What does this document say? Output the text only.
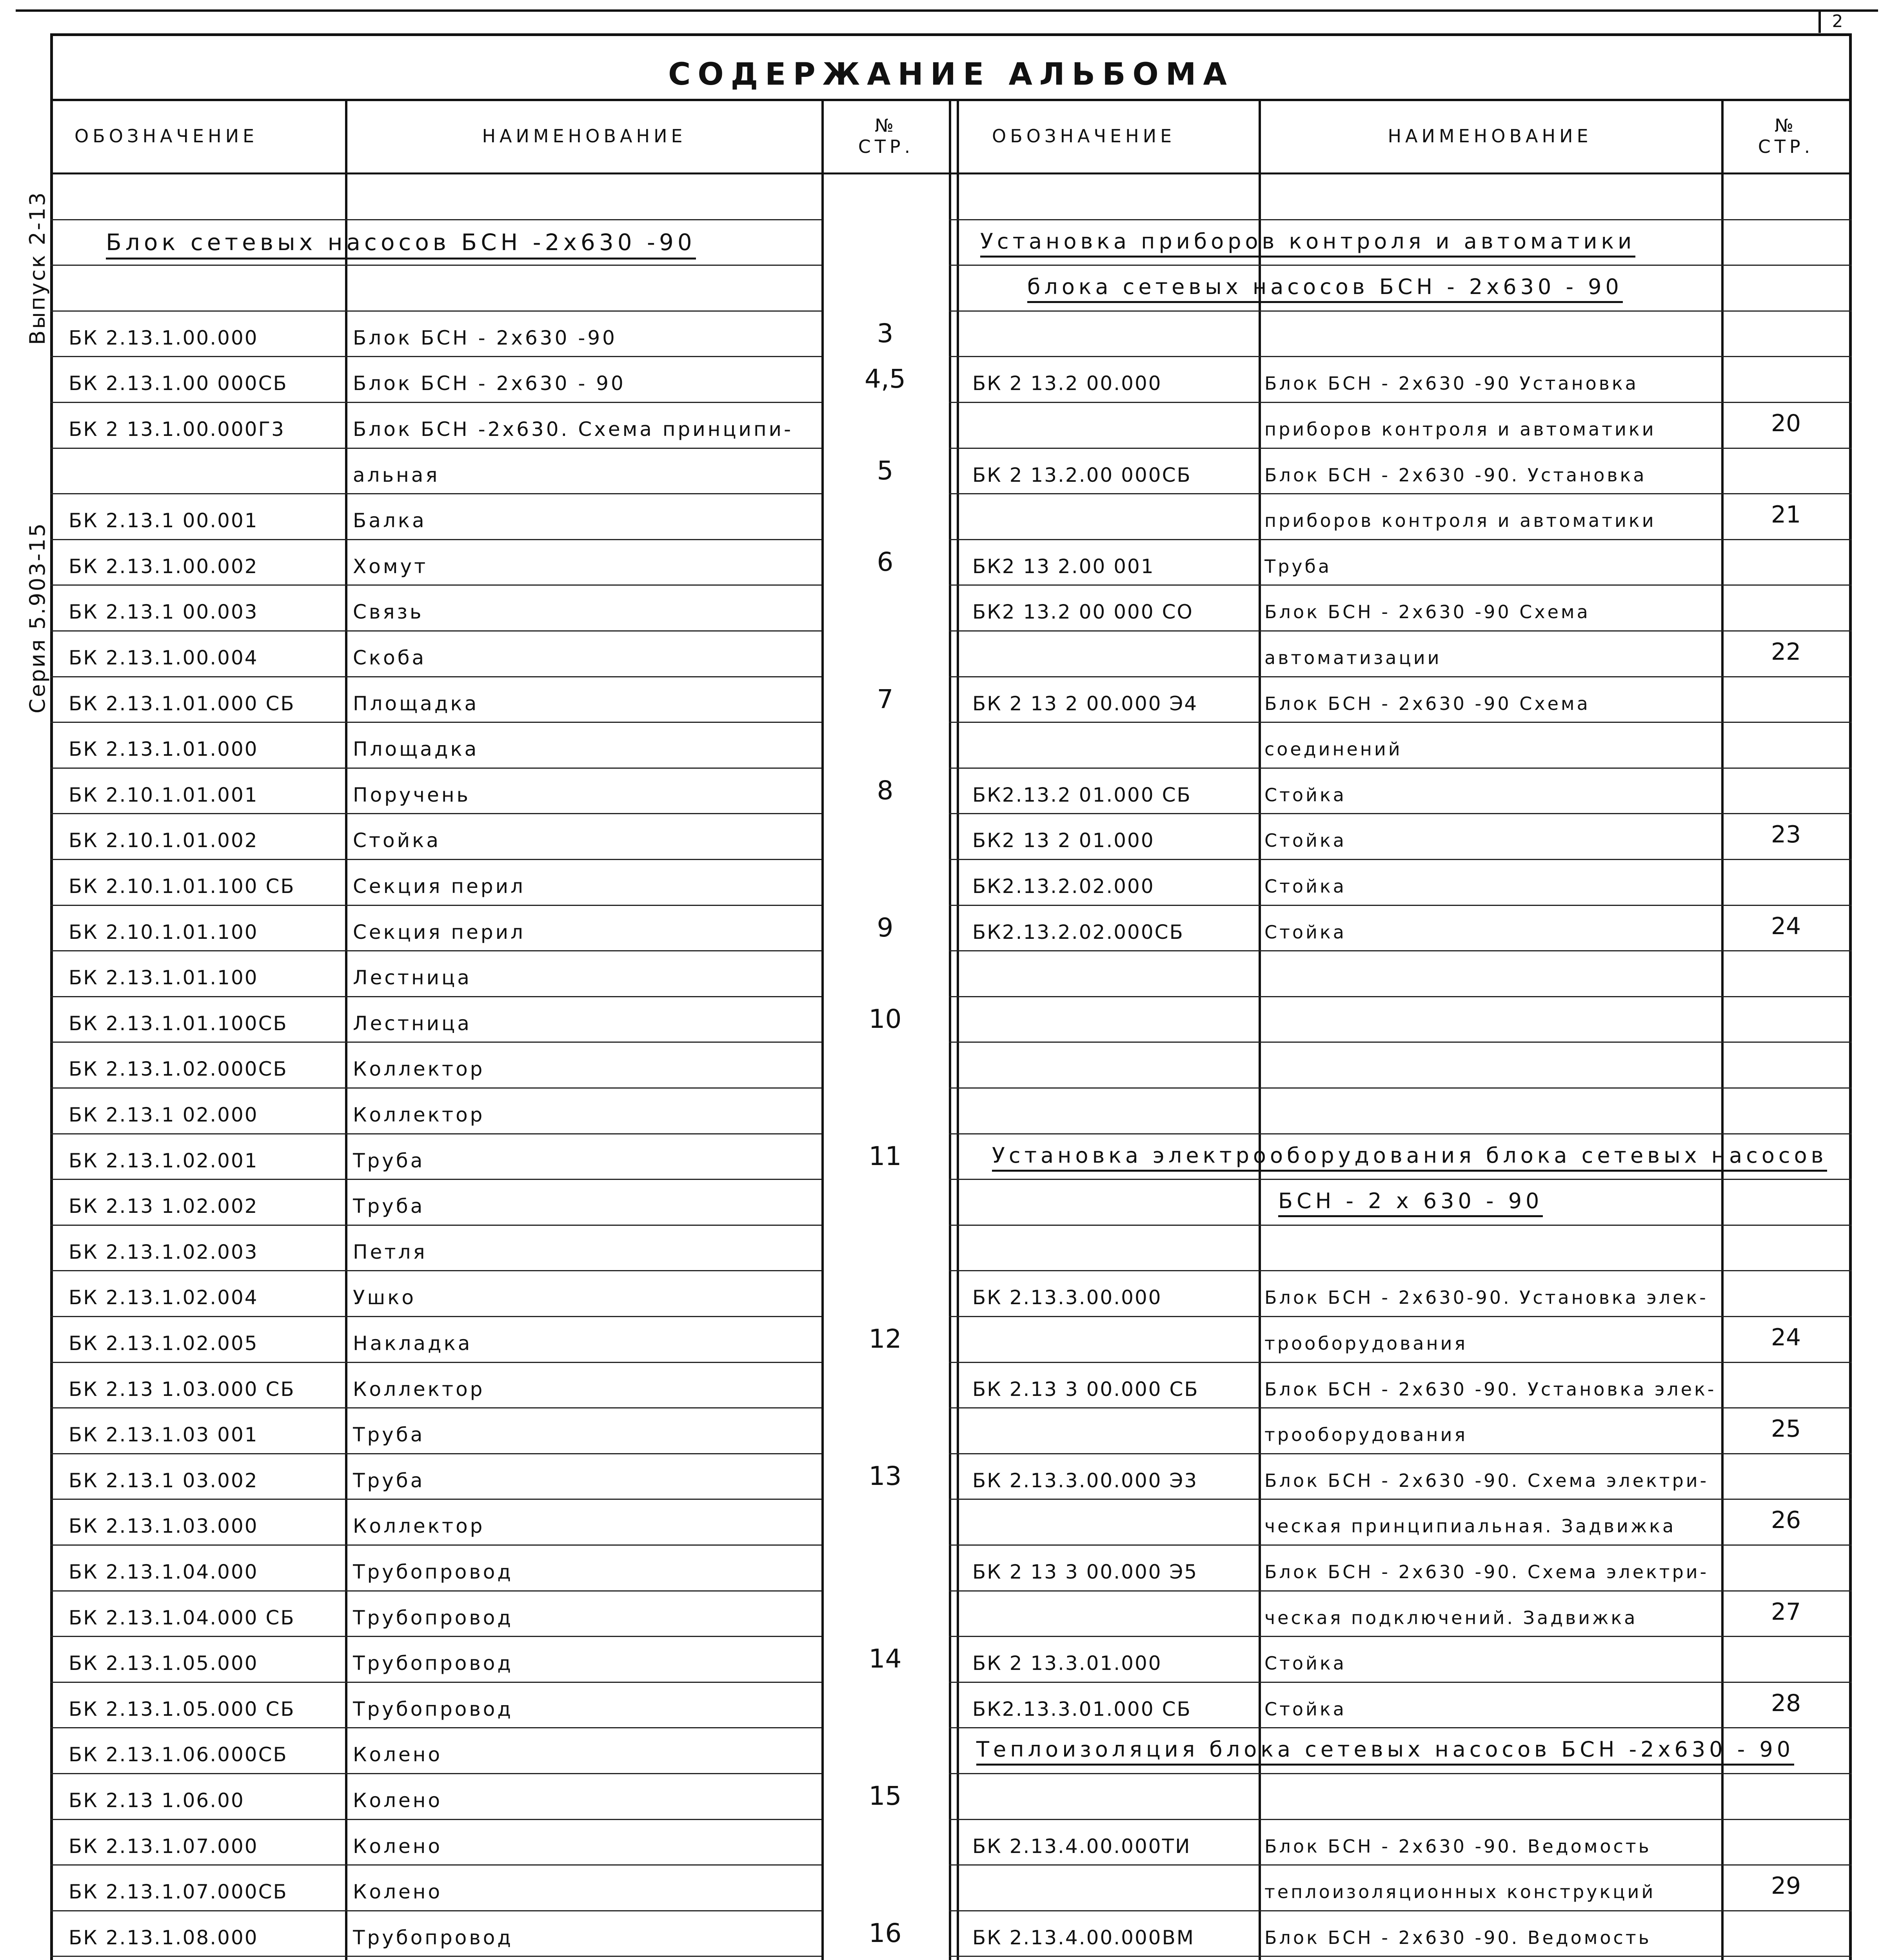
2
Серия 5.903-15
Выпуск 2-13
СОДЕРЖАНИЕ АЛЬБОМА
ОБОЗНАЧЕНИЕ	НАИМЕНОВАНИЕ	№
СТР.	ОБОЗНАЧЕНИЕ	НАИМЕНОВАНИЕ	№
СТР.
Блок сетевых насосов БСН -2х630 -90
БК 2.13.1.00.000	Блок БСН - 2х630 -90	3
БК 2.13.1.00 000СБ	Блок БСН - 2х630 - 90	4,5
БК 2 13.1.00.000Г3	Блок БСН -2х630. Схема принципи-
альная	5
БК 2.13.1 00.001	Балка
БК 2.13.1.00.002	Хомут	6
БК 2.13.1 00.003	Связь
БК 2.13.1.00.004	Скоба
БК 2.13.1.01.000 СБ	Площадка	7
БК 2.13.1.01.000	Площадка
БК 2.10.1.01.001	Поручень	8
БК 2.10.1.01.002	Стойка
БК 2.10.1.01.100 СБ	Секция перил
БК 2.10.1.01.100	Секция перил	9
БК 2.13.1.01.100	Лестница
БК 2.13.1.01.100СБ	Лестница	10
БК 2.13.1.02.000СБ	Коллектор
БК 2.13.1 02.000	Коллектор
БК 2.13.1.02.001	Труба	11
БК 2.13 1.02.002	Труба
БК 2.13.1.02.003	Петля
БК 2.13.1.02.004	Ушко
БК 2.13.1.02.005	Накладка	12
БК 2.13 1.03.000 СБ	Коллектор
БК 2.13.1.03 001	Труба
БК 2.13.1 03.002	Труба	13
БК 2.13.1.03.000	Коллектор
БК 2.13.1.04.000	Трубопровод
БК 2.13.1.04.000 СБ	Трубопровод
БК 2.13.1.05.000	Трубопровод	14
БК 2.13.1.05.000 СБ	Трубопровод
БК 2.13.1.06.000СБ	Колено
БК 2.13 1.06.00	Колено	15
БК 2.13.1.07.000	Колено
БК 2.13.1.07.000СБ	Колено
БК 2.13.1.08.000	Трубопровод	16
Установка приборов контроля и автоматики
блока сетевых насосов БСН - 2х630 - 90
Установка электрооборудования блока сетевых насосов
БСН - 2 х 630 - 90
Теплоизоляция блока сетевых насосов БСН -2х630 - 90
БК 2 13.2 00.000	Блок БСН - 2х630 -90 Установка
приборов контроля и автоматики	20
БК 2 13.2.00 000СБ	Блок БСН - 2х630 -90. Установка
приборов контроля и автоматики	21
БК2 13 2.00 001	Труба
БК2 13.2 00 000 СО	Блок БСН - 2х630 -90 Схема
автоматизации	22
БК 2 13 2 00.000 Э4	Блок БСН - 2х630 -90 Схема
соединений
БК2.13.2 01.000 СБ	Стойка
БК2 13 2 01.000	Стойка	23
БК2.13.2.02.000	Стойка
БК2.13.2.02.000СБ	Стойка	24
БК 2.13.3.00.000	Блок БСН - 2х630-90. Установка элек-
трооборудования	24
БК 2.13 3 00.000 СБ	Блок БСН - 2х630 -90. Установка элек-
трооборудования	25
БК 2.13.3.00.000 Э3	Блок БСН - 2х630 -90. Схема электри-
ческая принципиальная. Задвижка	26
БК 2 13 3 00.000 Э5	Блок БСН - 2х630 -90. Схема электри-
ческая подключений. Задвижка	27
БК 2 13.3.01.000	Стойка
БК2.13.3.01.000 СБ	Стойка	28
БК 2.13.4.00.000ТИ	Блок БСН - 2х630 -90. Ведомость
теплоизоляционных конструкций	29
БК 2.13.4.00.000ВМ	Блок БСН - 2х630 -90. Ведомость
